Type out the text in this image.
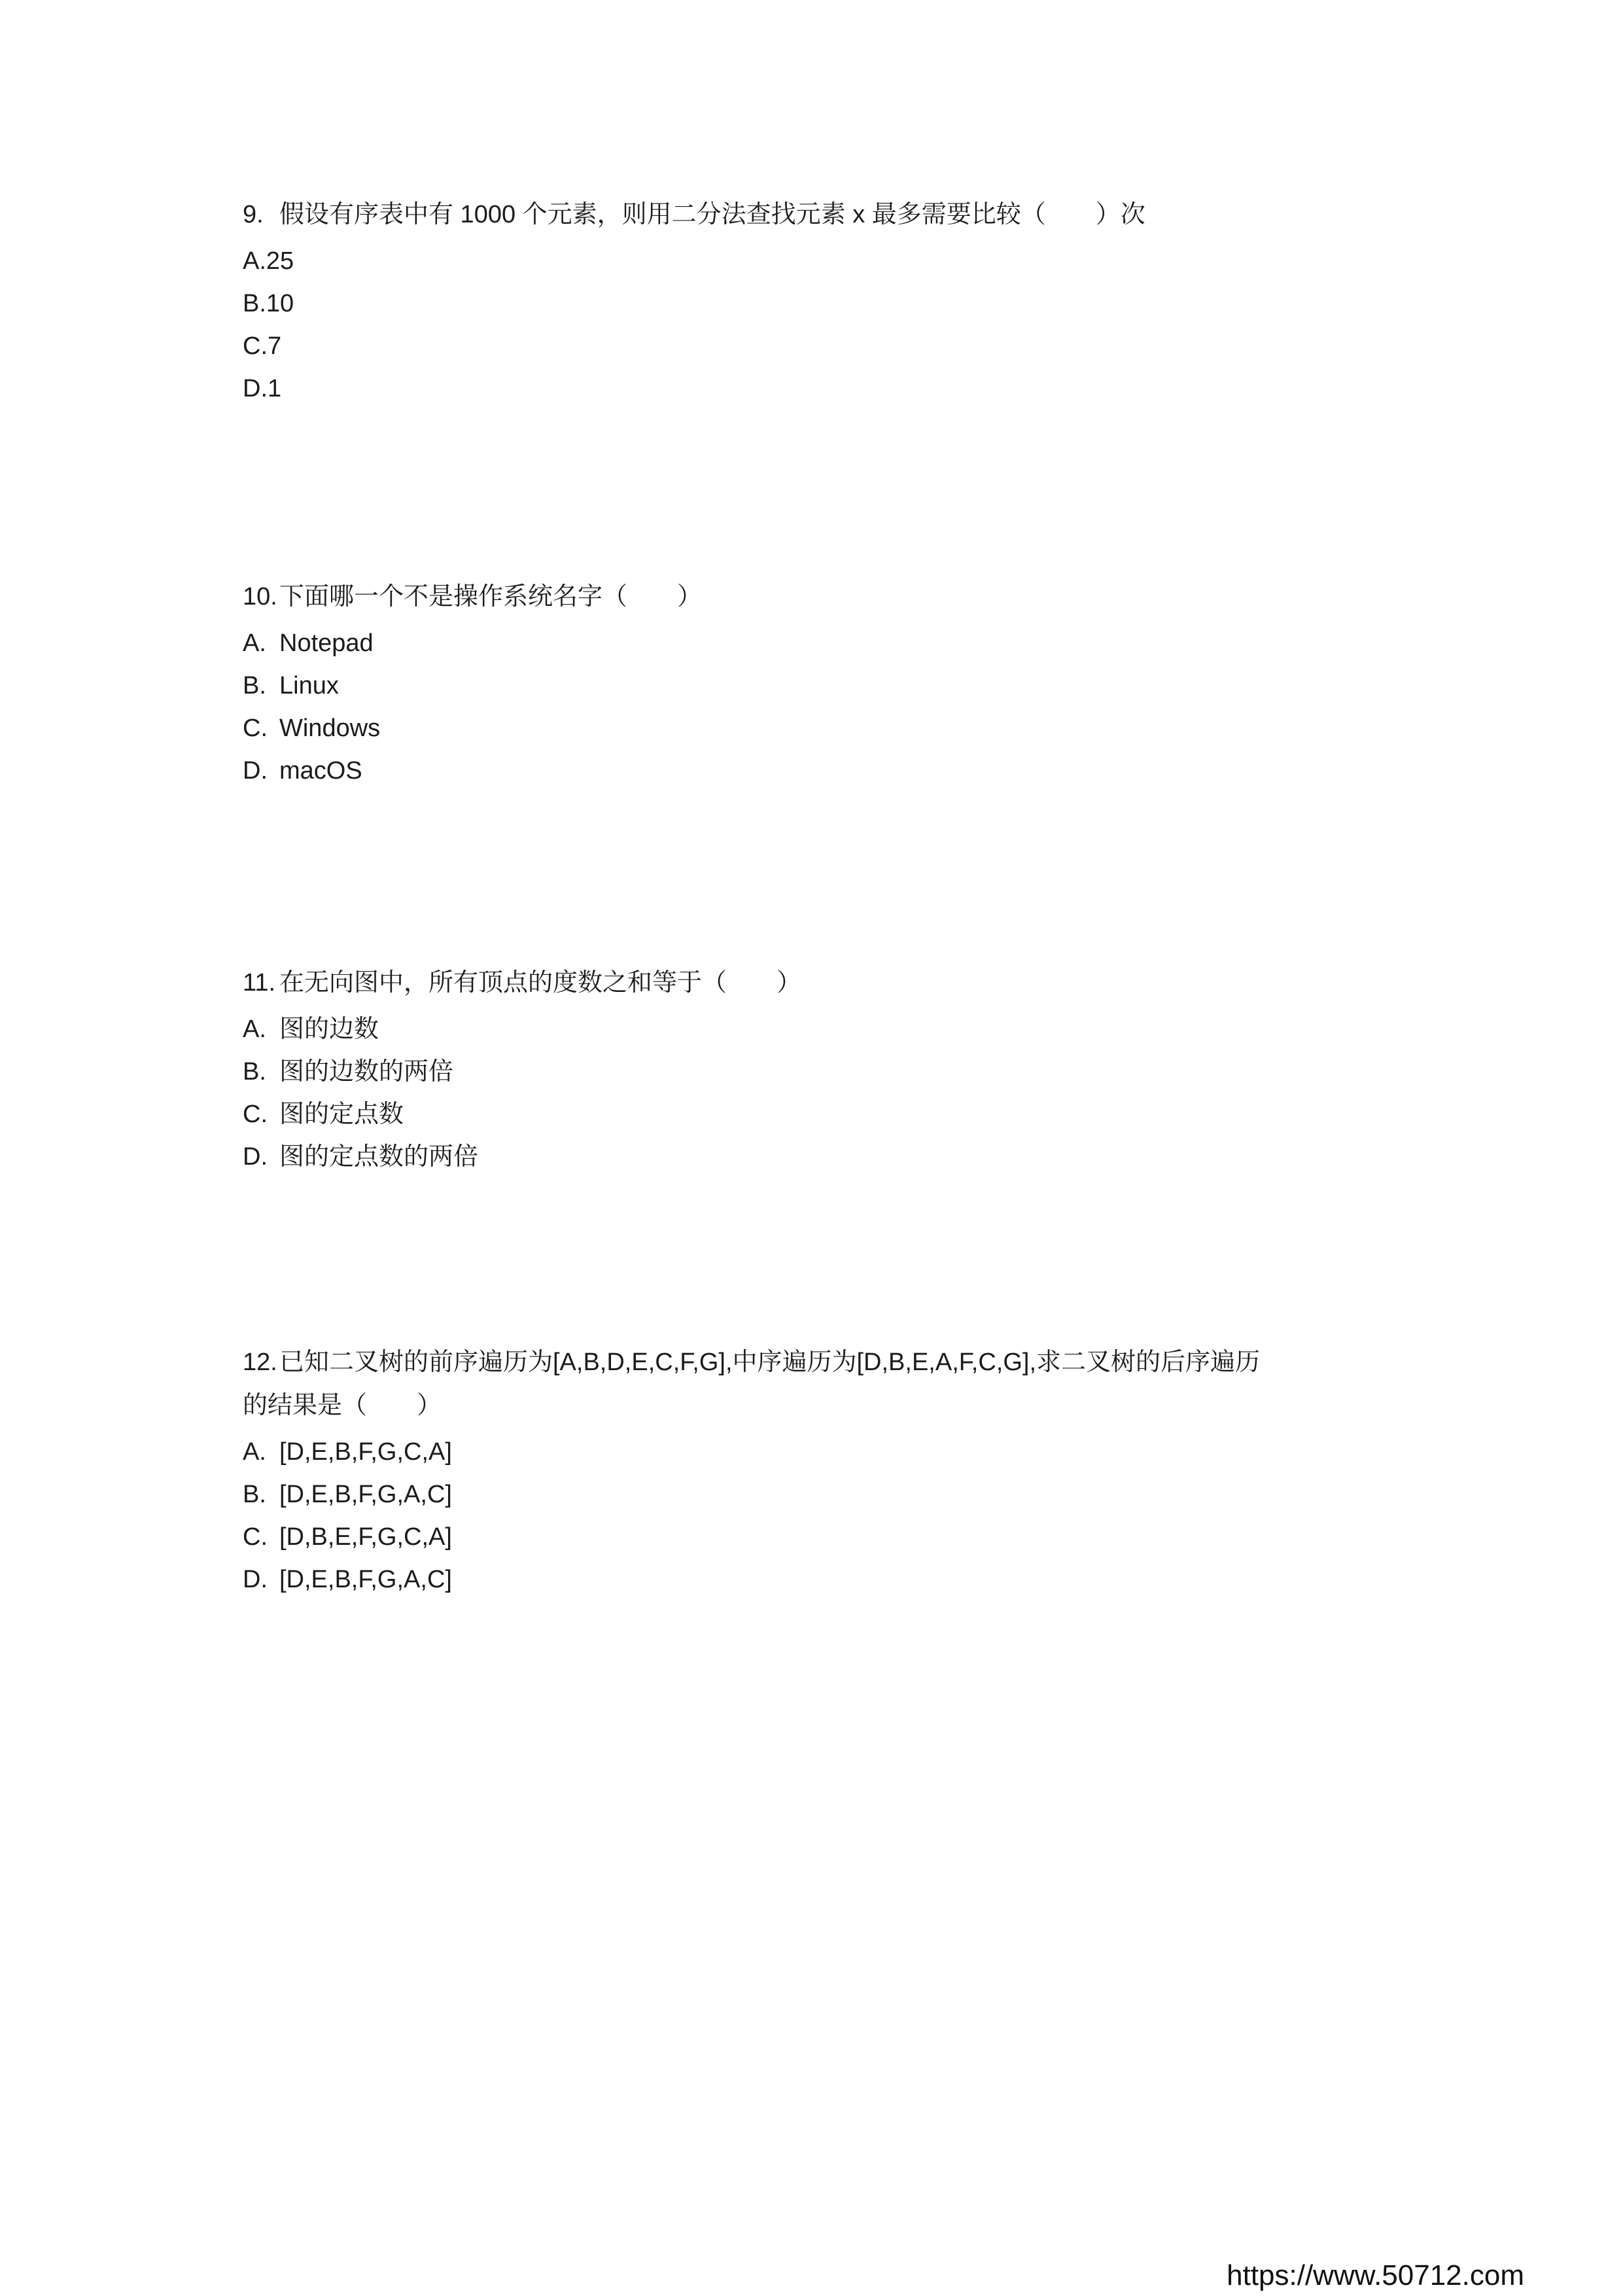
9. 假设有序表中有 1000 个元素，则用二分法查找元素 x 最多需要比较（　　）次
A.25
B.10
C.7
D.1
10. 下面哪一个不是操作系统名字（　　）
A. Notepad
B. Linux
C. Windows
D. macOS
11. 在无向图中，所有顶点的度数之和等于（　　）
A. 图的边数
B. 图的边数的两倍
C. 图的定点数
D. 图的定点数的两倍
12. 已知二叉树的前序遍历为[A,B,D,E,C,F,G],中序遍历为[D,B,E,A,F,C,G],求二叉树的后序遍历
的结果是（　　）
A. [D,E,B,F,G,C,A]
B. [D,E,B,F,G,A,C]
C. [D,B,E,F,G,C,A]
D. [D,E,B,F,G,A,C]
https://www.50712.com
